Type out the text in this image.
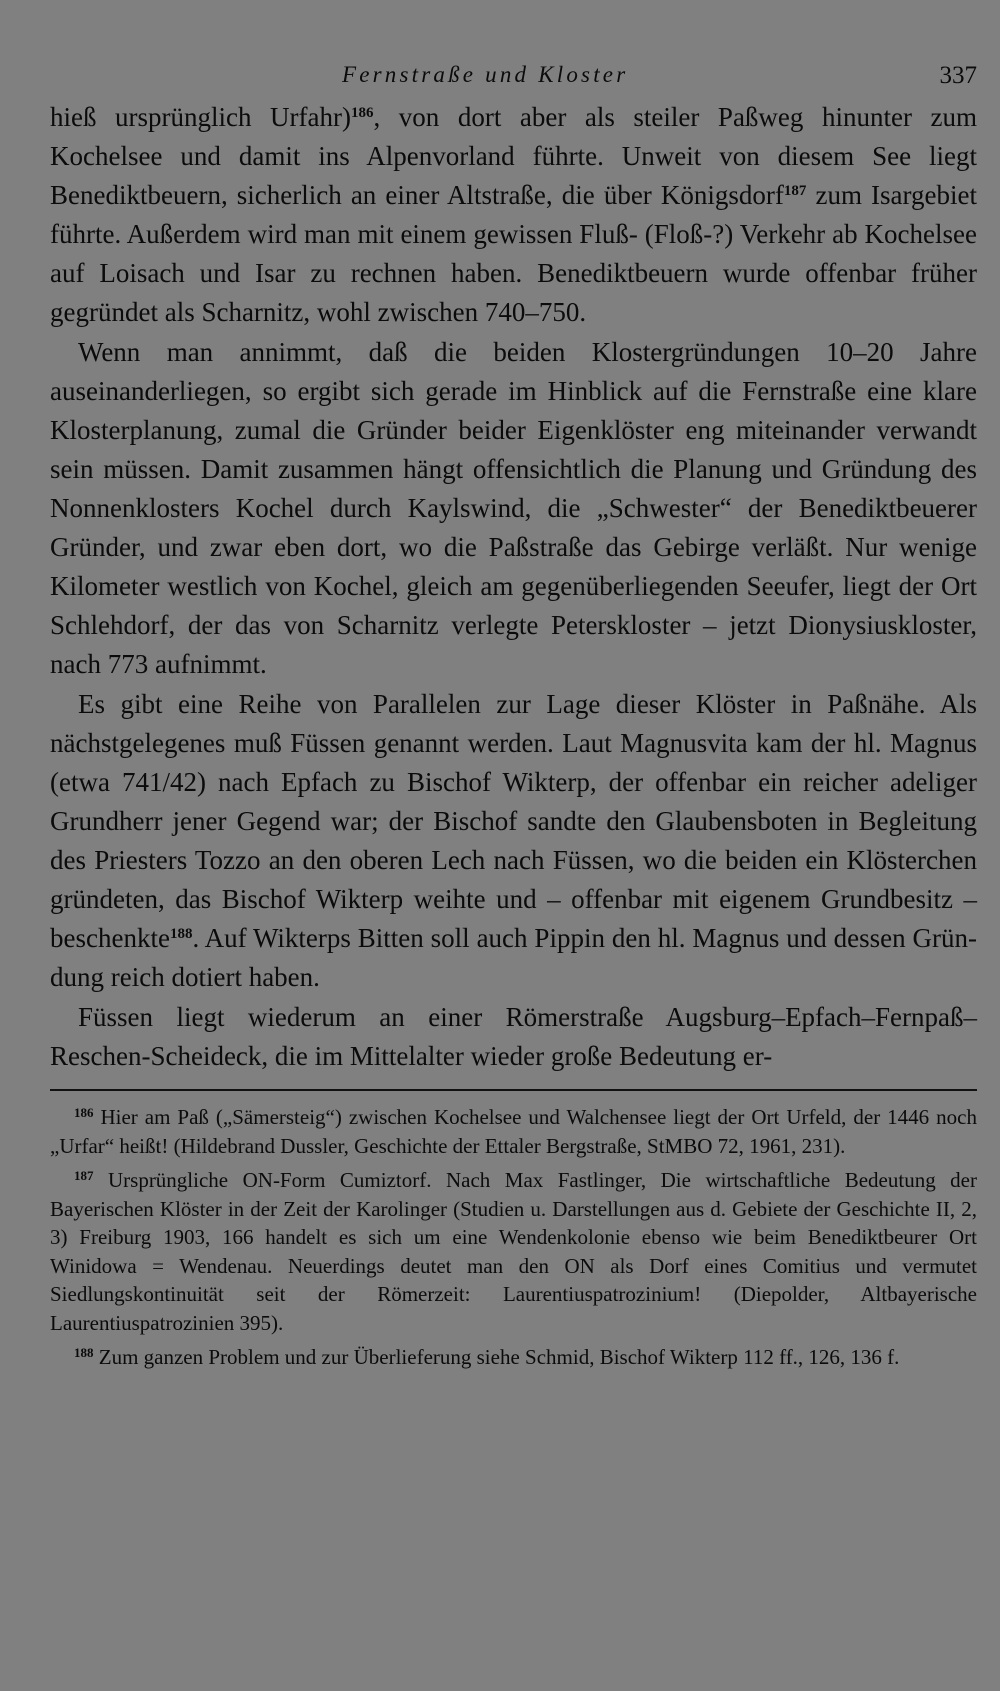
Fernstraße und Kloster	337

hieß ursprünglich Urfahr)$^{186}$, von dort aber als steiler Paßweg hinunter zum Kochelsee und damit ins Alpenvorland führte. Unweit von diesem See liegt Benediktbeuern, sicherlich an einer Altstraße, die über Königsdorf$^{187}$ zum Isargebiet führte. Außerdem wird man mit einem gewissen Fluß- (Floß-?) Verkehr ab Kochelsee auf Loisach und Isar zu rechnen haben. Benediktbeuern wurde offenbar früher gegründet als Scharnitz, wohl zwischen 740–750.

Wenn man annimmt, daß die beiden Klostergründungen 10–20 Jahre auseinanderliegen, so ergibt sich gerade im Hinblick auf die Fernstraße eine klare Klosterplanung, zumal die Gründer beider Eigenklöster eng miteinander verwandt sein müssen. Damit zusammen hängt offensichtlich die Planung und Gründung des Nonnenklosters Kochel durch Kaylswind, die „Schwester“ der Benediktbeuerer Gründer, und zwar eben dort, wo die Paßstraße das Gebirge verläßt. Nur wenige Kilometer westlich von Kochel, gleich am gegenüberliegenden Seeufer, liegt der Ort Schlehdorf, der das von Scharnitz verlegte Peterskloster – jetzt Dionysiuskloster, nach 773 aufnimmt.

Es gibt eine Reihe von Parallelen zur Lage dieser Klöster in Paßnähe. Als nächstgelegenes muß Füssen genannt werden. Laut Magnusvita kam der hl. Magnus (etwa 741/42) nach Epfach zu Bischof Wikterp, der offenbar ein reicher adeliger Grundherr jener Gegend war; der Bischof sandte den Glaubensboten in Begleitung des Priesters Tozzo an den oberen Lech nach Füssen, wo die beiden ein Klösterchen gründeten, das Bischof Wikterp weihte und – offenbar mit eigenem Grundbesitz – beschenkte$^{188}$. Auf Wikterps Bitten soll auch Pippin den hl. Magnus und dessen Gründung reich dotiert haben.

Füssen liegt wiederum an einer Römerstraße Augsburg–Epfach–Fernpaß–Reschen-Scheideck, die im Mittelalter wieder große Bedeutung er-

$^{186}$ Hier am Paß („Sämersteig“) zwischen Kochelsee und Walchensee liegt der Ort Urfeld, der 1446 noch „Urfar“ heißt! (Hildebrand Dussler, Geschichte der Ettaler Bergstraße, StMBO 72, 1961, 231).

$^{187}$ Ursprüngliche ON-Form Cumiztorf. Nach Max Fastlinger, Die wirtschaftliche Bedeutung der Bayerischen Klöster in der Zeit der Karolinger (Studien u. Darstellungen aus d. Gebiete der Geschichte II, 2, 3) Freiburg 1903, 166 handelt es sich um eine Wendenkolonie ebenso wie beim Benediktbeurer Ort Winidowa = Wendenau. Neuerdings deutet man den ON als Dorf eines Comitius und vermutet Siedlungskontinuität seit der Römerzeit: Laurentiuspatrozinium! (Diepolder, Altbayerische Laurentiuspatrozinien 395).

$^{188}$ Zum ganzen Problem und zur Überlieferung siehe Schmid, Bischof Wikterp 112 ff., 126, 136 f.
